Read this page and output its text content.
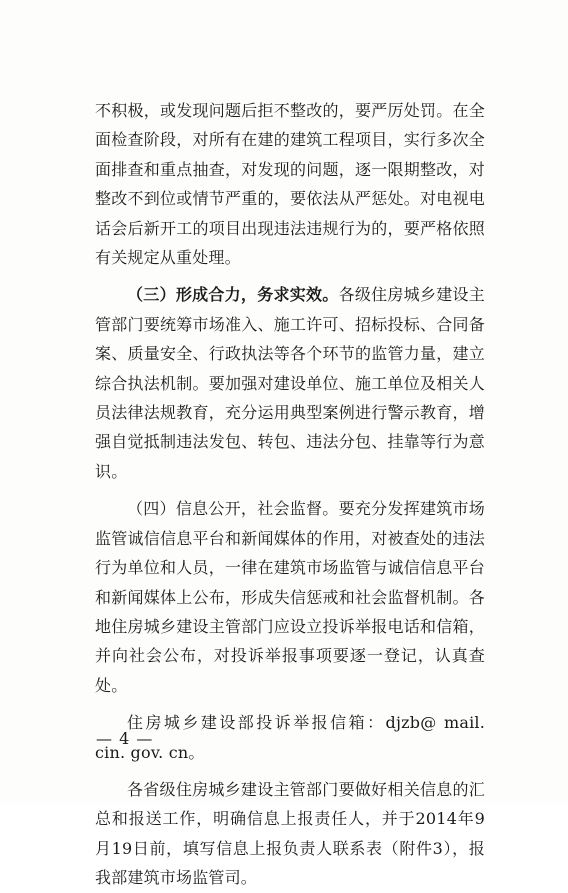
不积极，或发现问题后拒不整改的，要严厉处罚。在全面检查阶段，对所有在建的建筑工程项目，实行多次全面排查和重点抽查，对发现的问题，逐一限期整改，对整改不到位或情节严重的，要依法从严惩处。对电视电话会后新开工的项目出现违法违规行为的，要严格依照有关规定从重处理。

（三）形成合力，务求实效。各级住房城乡建设主管部门要统筹市场准入、施工许可、招标投标、合同备案、质量安全、行政执法等各个环节的监管力量，建立综合执法机制。要加强对建设单位、施工单位及相关人员法律法规教育，充分运用典型案例进行警示教育，增强自觉抵制违法发包、转包、违法分包、挂靠等行为意识。

（四）信息公开，社会监督。要充分发挥建筑市场监管诚信信息平台和新闻媒体的作用，对被查处的违法行为单位和人员，一律在建筑市场监管与诚信信息平台和新闻媒体上公布，形成失信惩戒和社会监督机制。各地住房城乡建设主管部门应设立投诉举报电话和信箱，并向社会公布，对投诉举报事项要逐一登记，认真查处。

住房城乡建设部投诉举报信箱：djzb@ mail. cin. gov. cn。

各省级住房城乡建设主管部门要做好相关信息的汇总和报送工作，明确信息上报责任人，并于2014年9月19日前，填写信息上报负责人联系表（附件3），报我部建筑市场监管司。

— 4 —
